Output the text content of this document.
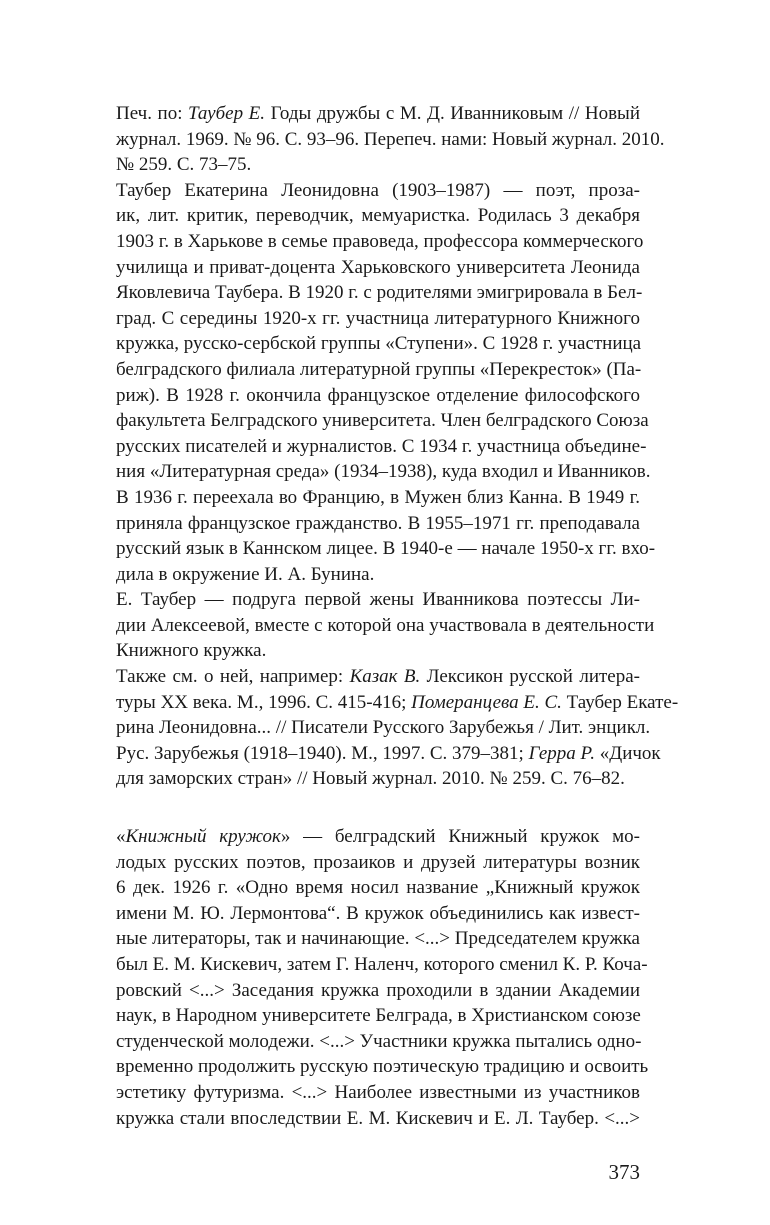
Печ. по: Таубер Е. Годы дружбы с М. Д. Иванниковым // Новый
журнал. 1969. № 96. С. 93–96. Перепеч. нами: Новый журнал. 2010.
№ 259. С. 73–75.

Таубер Екатерина Леонидовна (1903–1987) — поэт, проза-
ик, лит. критик, переводчик, мемуаристка. Родилась 3 декабря
1903 г. в Харькове в семье правоведа, профессора коммерческого
училища и приват-доцента Харьковского университета Леонида
Яковлевича Таубера. В 1920 г. с родителями эмигрировала в Бел-
град. С середины 1920-х гг. участница литературного Книжного
кружка, русско-сербской группы «Ступени». С 1928 г. участница
белградского филиала литературной группы «Перекресток» (Па-
риж). В 1928 г. окончила французское отделение философского
факультета Белградского университета. Член белградского Союза
русских писателей и журналистов. С 1934 г. участница объедине-
ния «Литературная среда» (1934–1938), куда входил и Иванников.
В 1936 г. переехала во Францию, в Мужен близ Канна. В 1949 г.
приняла французское гражданство. В 1955–1971 гг. преподавала
русский язык в Каннском лицее. В 1940-е — начале 1950-х гг. вхо-
дила в окружение И. А. Бунина.

Е. Таубер — подруга первой жены Иванникова поэтессы Ли-
дии Алексеевой, вместе с которой она участвовала в деятельности
Книжного кружка.

Также см. о ней, например: Казак В. Лексикон русской литера-
туры XX века. М., 1996. С. 415-416; Померанцева Е. С. Таубер Екате-
рина Леонидовна... // Писатели Русского Зарубежья / Лит. энцикл.
Рус. Зарубежья (1918–1940). М., 1997. С. 379–381; Герра Р. «Дичок
для заморских стран» // Новый журнал. 2010. № 259. С. 76–82.

«Книжный кружок» — белградский Книжный кружок мо-
лодых русских поэтов, прозаиков и друзей литературы возник
6 дек. 1926 г. «Одно время носил название „Книжный кружок
имени М. Ю. Лермонтова“. В кружок объединились как извест-
ные литераторы, так и начинающие. <...> Председателем кружка
был Е. М. Кискевич, затем Г. Наленч, которого сменил К. Р. Коча-
ровский <...> Заседания кружка проходили в здании Академии
наук, в Народном университете Белграда, в Христианском союзе
студенческой молодежи. <...> Участники кружка пытались одно-
временно продолжить русскую поэтическую традицию и освоить
эстетику футуризма. <...> Наиболее известными из участников
кружка стали впоследствии Е. М. Кискевич и Е. Л. Таубер. <...>

373
